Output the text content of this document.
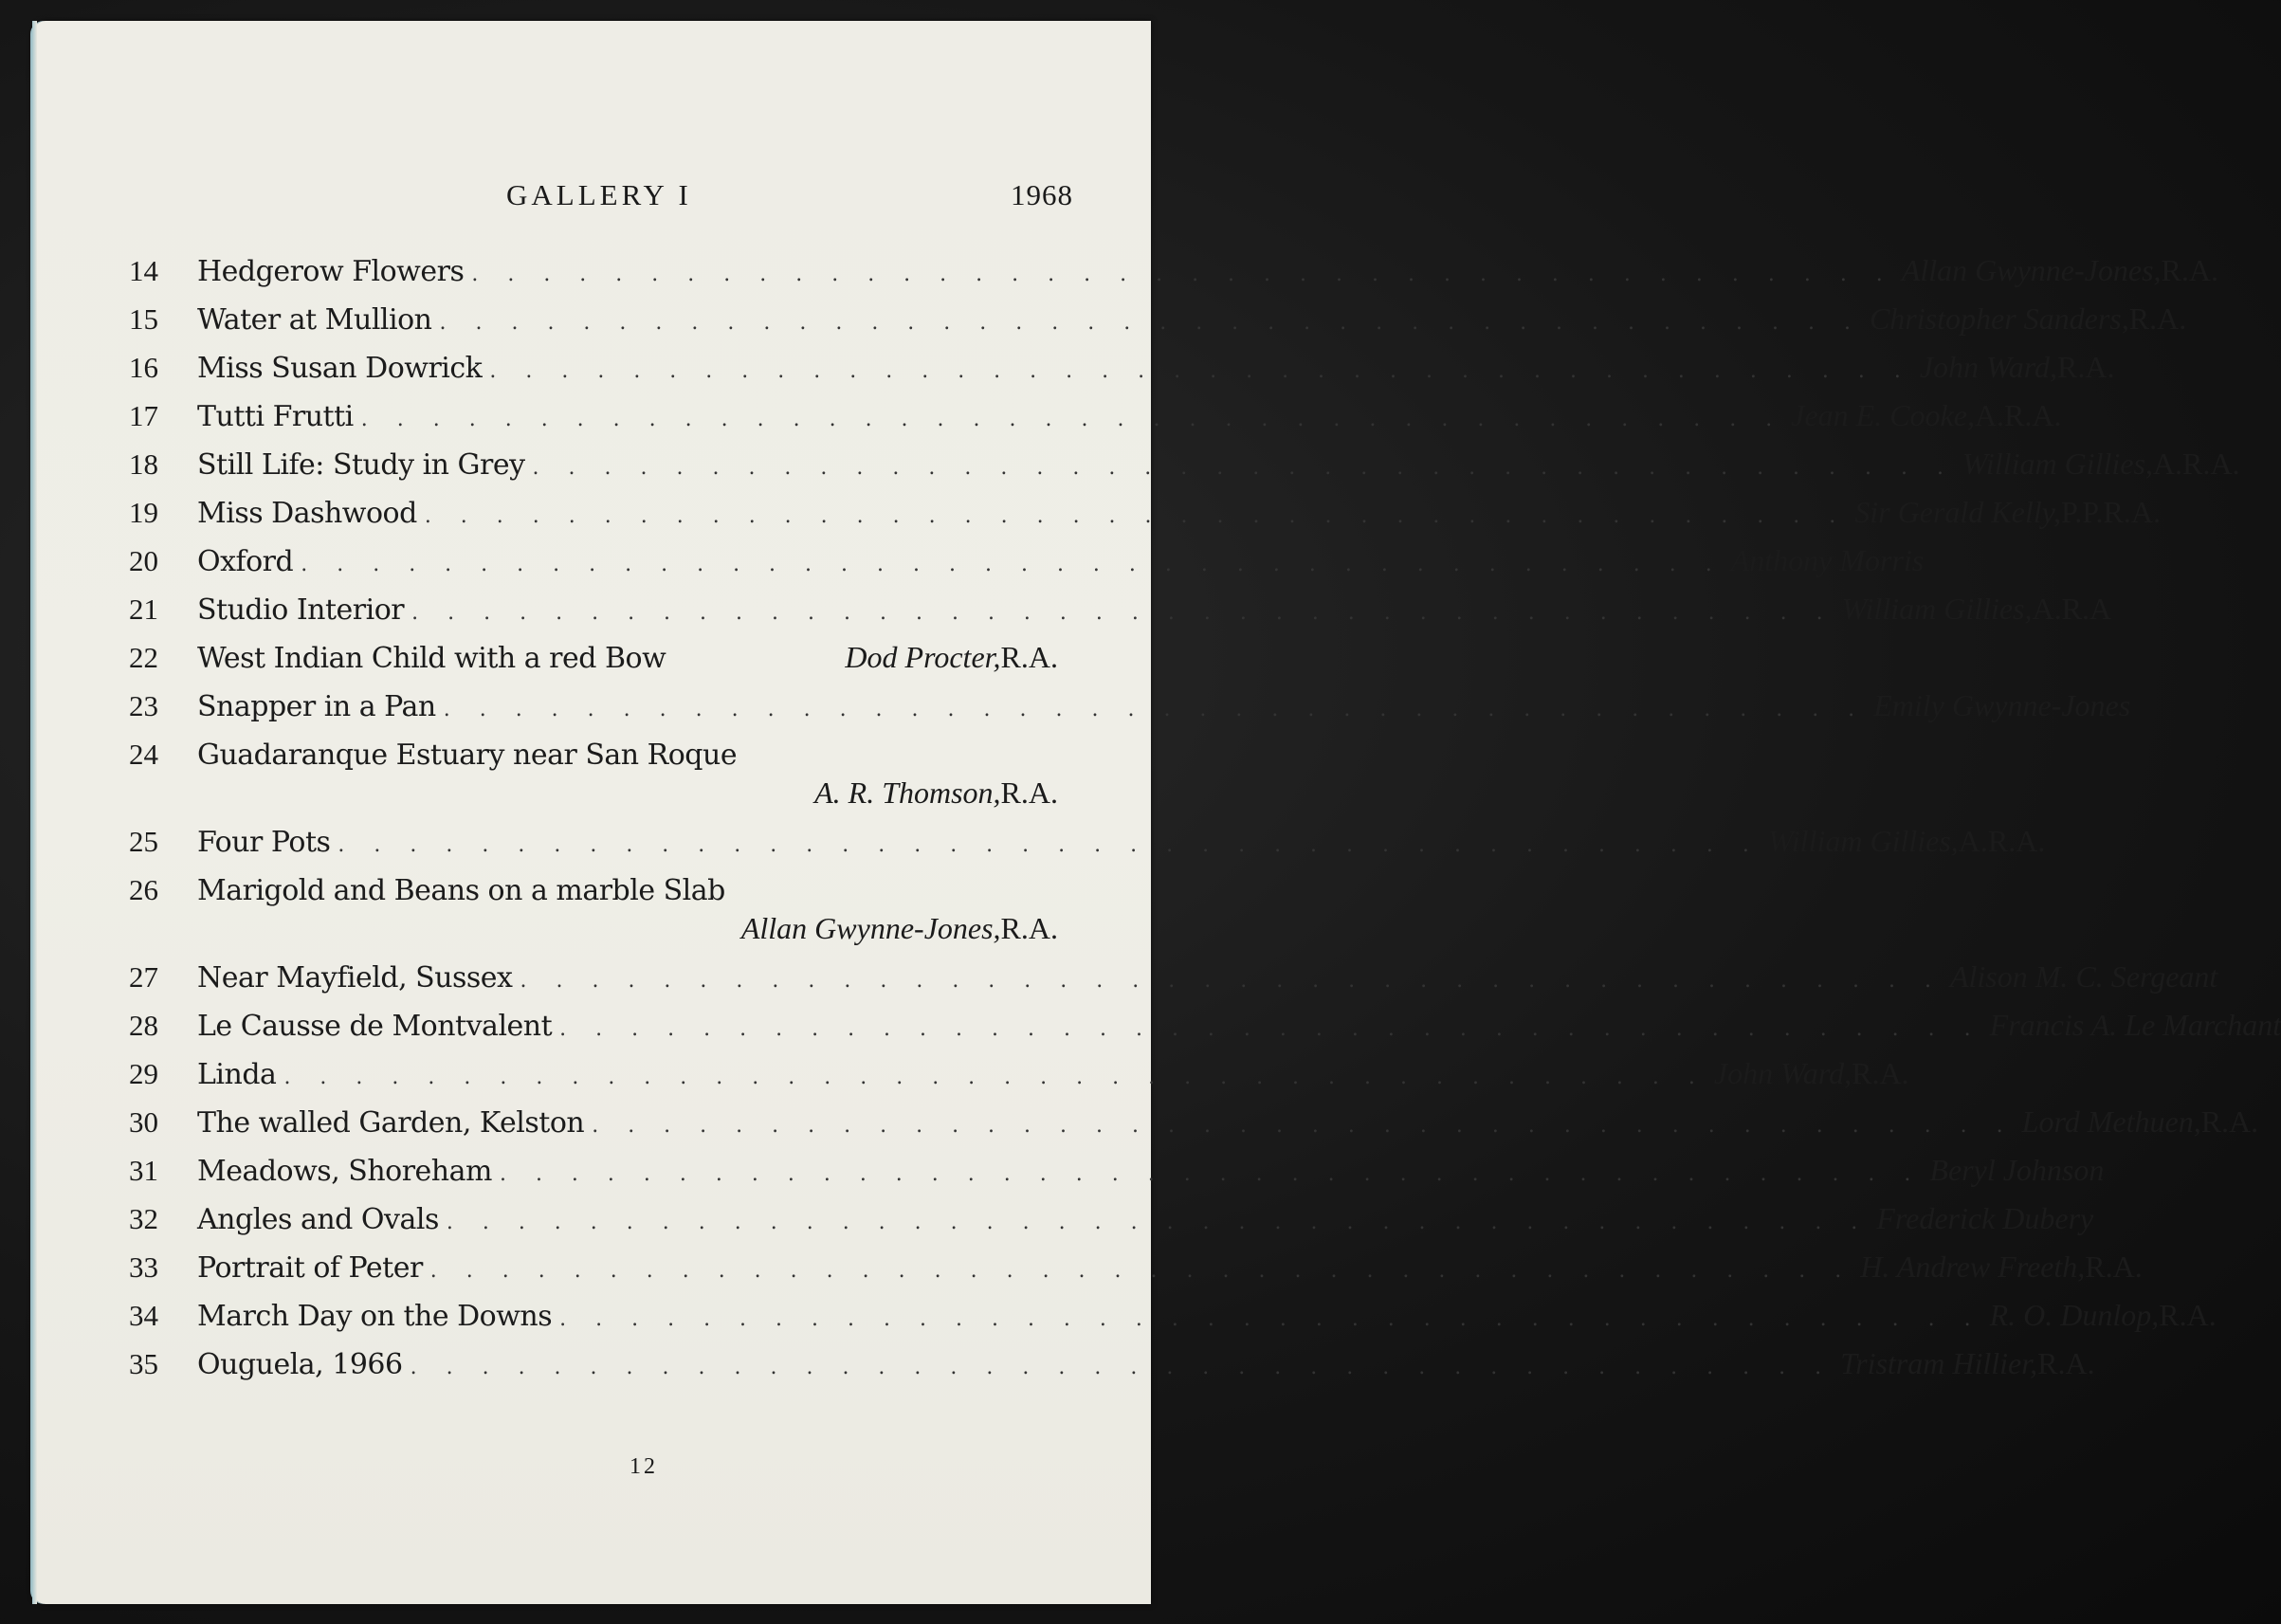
GALLERY I	1968
14	Hedgerow Flowers . . .	Allan Gwynne-Jones, R.A.
15	Water at Mullion . . .	Christopher Sanders, R.A.
16	Miss Susan Dowrick . . .	John Ward, R.A.
17	Tutti Frutti . . .	Jean E. Cooke, A.R.A.
18	Still Life: Study in Grey . . .	William Gillies, A.R.A.
19	Miss Dashwood . . .	Sir Gerald Kelly, P.P.R.A.
20	Oxford . . .	Anthony Morris
21	Studio Interior . . .	William Gillies, A.R.A
22	West Indian Child with a red Bow	Dod Procter, R.A.
23	Snapper in a Pan . . .	Emily Gwynne-Jones
24	Guadaranque Estuary near San Roque
A. R. Thomson, R.A.
25	Four Pots . . .	William Gillies, A.R.A.
26	Marigold and Beans on a marble Slab
Allan Gwynne-Jones, R.A.
27	Near Mayfield, Sussex . . .	Alison M. C. Sergeant
28	Le Causse de Montvalent . . .	Francis A. Le Marchant
29	Linda . . .	John Ward, R.A.
30	The walled Garden, Kelston . . .	Lord Methuen, R.A.
31	Meadows, Shoreham . . .	Beryl Johnson
32	Angles and Ovals . . .	Frederick Dubery
33	Portrait of Peter . . .	H. Andrew Freeth, R.A.
34	March Day on the Downs . . .	R. O. Dunlop, R.A.
35	Ouguela, 1966 . . .	Tristram Hillier, R.A.
12
